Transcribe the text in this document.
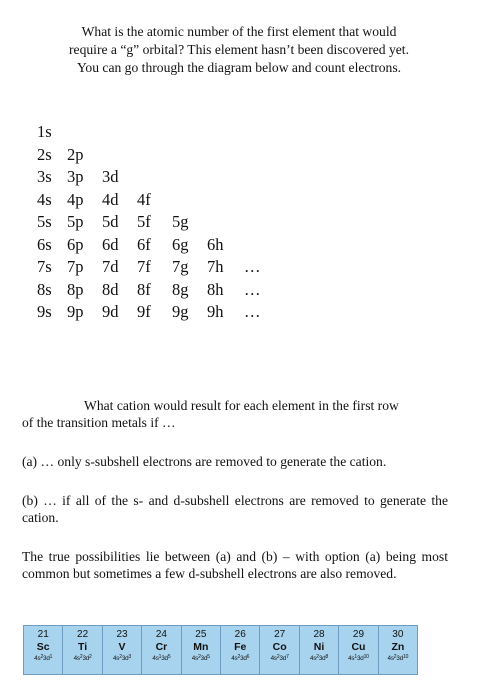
What is the atomic number of the first element that would
require a “g” orbital? This element hasn’t been discovered yet.
You can go through the diagram below and count electrons.
1s
2s 2p
3s 3p 3d
4s 4p 4d 4f
5s 5p 5d 5f 5g
6s 6p 6d 6f 6g 6h
7s 7p 7d 7f 7g 7h …
8s 8p 8d 8f 8g 8h …
9s 9p 9d 9f 9g 9h …
What cation would result for each element in the first row
of the transition metals if …
(a) … only s-subshell electrons are removed to generate the cation.
(b) … if all of the s- and d-subshell electrons are removed to generate the cation.
The true possibilities lie between (a) and (b) – with option (a) being most common but sometimes a few d-subshell electrons are also removed.
21
Sc
$4s^23d^1$
22
Ti
$4s^23d^2$
23
V
$4s^23d^3$
24
Cr
$4s^13d^5$
25
Mn
$4s^23d^5$
26
Fe
$4s^23d^6$
27
Co
$4s^23d^7$
28
Ni
$4s^23d^8$
29
Cu
$4s^13d^{10}$
30
Zn
$4s^23d^{10}$
